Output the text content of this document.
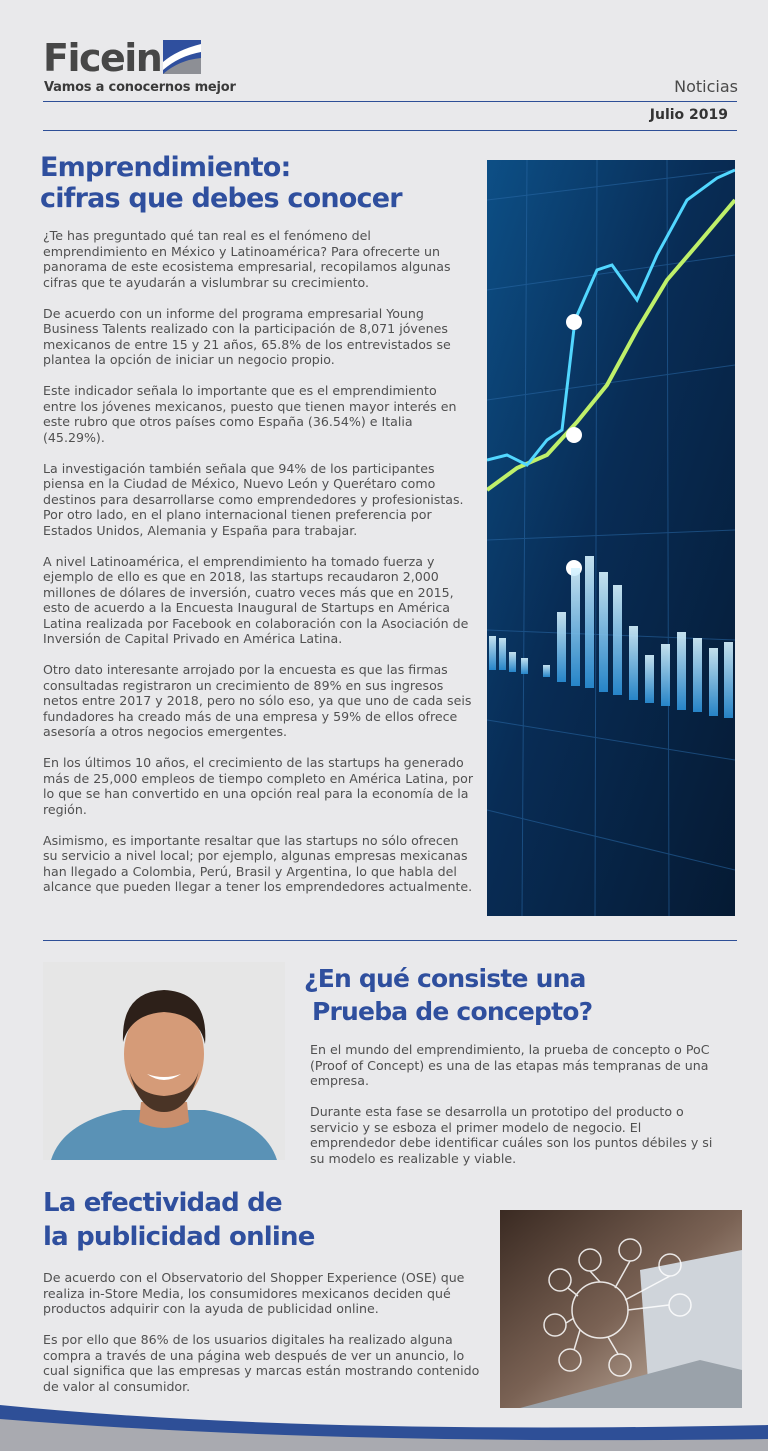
Ficein
Vamos a conocernos mejor	Noticias
Julio 2019
Emprendimiento:
cifras que debes conocer

¿Te has preguntado qué tan real es el fenómeno del emprendimiento en México y Latinoamérica? Para ofrecerte un panorama de este ecosistema empresarial, recopilamos algunas cifras que te ayudarán a vislumbrar su crecimiento.

De acuerdo con un informe del programa empresarial Young Business Talents realizado con la participación de 8,071 jóvenes mexicanos de entre 15 y 21 años, 65.8% de los entrevistados se plantea la opción de iniciar un negocio propio.

Este indicador señala lo importante que es el emprendimiento entre los jóvenes mexicanos, puesto que tienen mayor interés en este rubro que otros países como España (36.54%) e Italia (45.29%).

La investigación también señala que 94% de los participantes piensa en la Ciudad de México, Nuevo León y Querétaro como destinos para desarrollarse como emprendedores y profesionistas. Por otro lado, en el plano internacional tienen preferencia por Estados Unidos, Alemania y España para trabajar.

A nivel Latinoamérica, el emprendimiento ha tomado fuerza y ejemplo de ello es que en 2018, las startups recaudaron 2,000 millones de dólares de inversión, cuatro veces más que en 2015, esto de acuerdo a la Encuesta Inaugural de Startups en América Latina realizada por Facebook en colaboración con la Asociación de Inversión de Capital Privado en América Latina.

Otro dato interesante arrojado por la encuesta es que las firmas consultadas registraron un crecimiento de 89% en sus ingresos netos entre 2017 y 2018, pero no sólo eso, ya que uno de cada seis fundadores ha creado más de una empresa y 59% de ellos ofrece asesoría a otros negocios emergentes.

En los últimos 10 años, el crecimiento de las startups ha generado más de 25,000 empleos de tiempo completo en América Latina, por lo que se han convertido en una opción real para la economía de la región.

Asimismo, es importante resaltar que las startups no sólo ofrecen su servicio a nivel local; por ejemplo, algunas empresas mexicanas han llegado a Colombia, Perú, Brasil y Argentina, lo que habla del alcance que pueden llegar a tener los emprendedores actualmente.

¿En qué consiste una
Prueba de concepto?

En el mundo del emprendimiento, la prueba de concepto o PoC (Proof of Concept) es una de las etapas más tempranas de una empresa.

Durante esta fase se desarrolla un prototipo del producto o servicio y se esboza el primer modelo de negocio. El emprendedor debe identificar cuáles son los puntos débiles y si su modelo es realizable y viable.

La efectividad de
la publicidad online

De acuerdo con el Observatorio del Shopper Experience (OSE) que realiza in-Store Media, los consumidores mexicanos deciden qué productos adquirir con la ayuda de publicidad online.

Es por ello que 86% de los usuarios digitales ha realizado alguna compra a través de una página web después de ver un anuncio, lo cual significa que las empresas y marcas están mostrando contenido de valor al consumidor.
